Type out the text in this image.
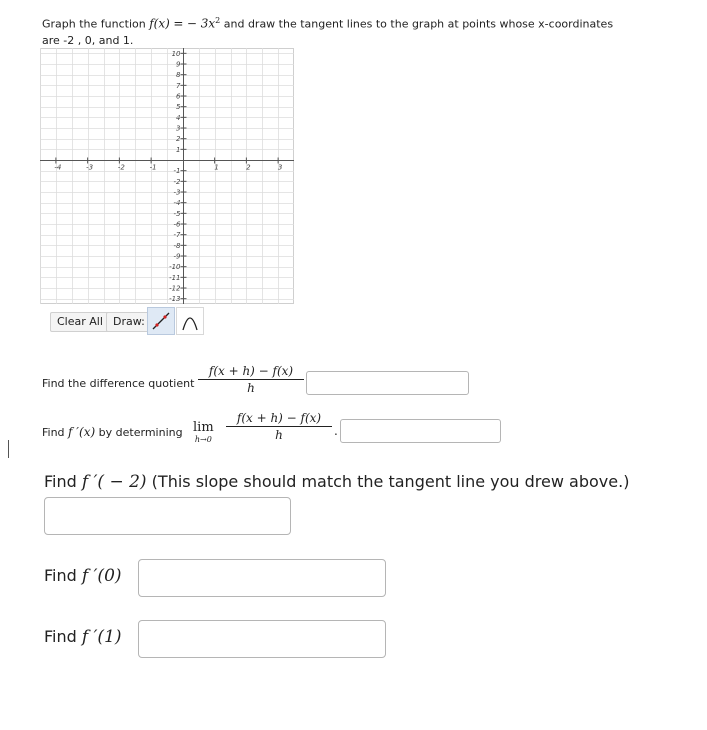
Graph the function f(x) = − $3x^2$ and draw the tangent lines to the graph at points whose x-coordinates
are -2 , 0, and 1.
-4	-3	-2	-1	1	2	3
10
9
8
7
6
5
4
3
2
1
-1
-2
-3
-4
-5
-6
-7
-8
-9
-10
-11
-12
-13
Clear All Draw:
Find the difference quotient
f(x + h) − f(x)
h
Find f ′(x) by determining lim
h→0
f(x + h) − f(x)
h	.
Find f ′( − 2) (This slope should match the tangent line you drew above.)
Find f ′(0)
Find f ′(1)
